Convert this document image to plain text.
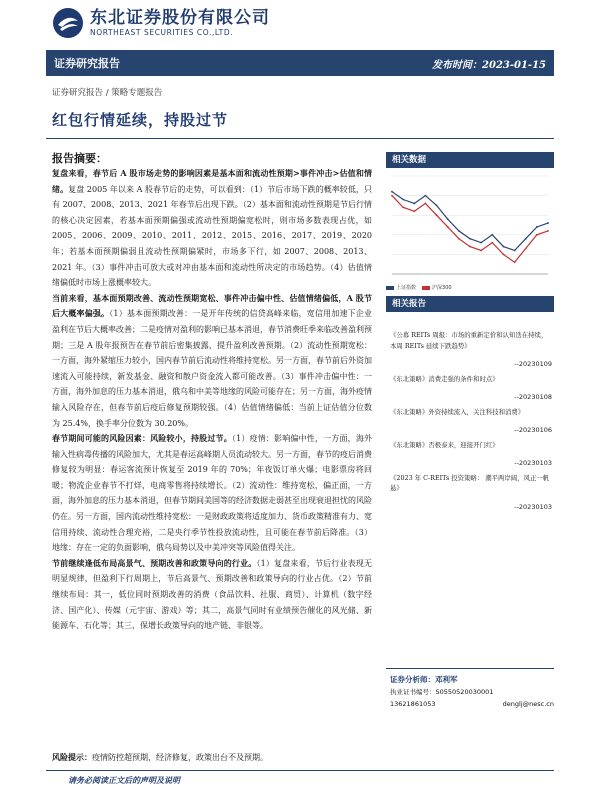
东北证券股份有限公司
NORTHEAST SECURITIES CO.,LTD.
证券研究报告	发布时间：2023-01-15
证券研究报告 / 策略专题报告
红包行情延续，持股过节
报告摘要：

复盘来看，春节后 A 股市场走势的影响因素是基本面和流动性预期>事件冲击>估值和情绪。复盘 2005 年以来 A 股春节后的走势，可以看到：（1）节后市场下跌的概率较低，只有 2007、2008、2013、2021 年春节后出现下跌。（2）基本面和流动性预期是节后行情的核心决定因素，若基本面预期偏强或流动性预期偏宽松时，则市场多数表现占优，如 2005、2006、2009、2010、2011、2012、2015、2016、2017、2019、2020 年；若基本面预期偏弱且流动性预期偏紧时，市场多下行，如 2007、2008、2013、2021 年。（3）事件冲击可放大或对冲由基本面和流动性所决定的市场趋势。（4）估值情绪偏低时市场上涨概率较大。

当前来看，基本面预期改善、流动性预期宽松、事件冲击偏中性、估值情绪偏低，A 股节后大概率偏强。（1）基本面预期改善：一是开年传统的信贷高峰来临，宽信用加速下企业盈利在节后大概率改善；二是疫情对盈利的影响已基本消退，春节消费旺季来临改善盈利预期；三是 A 股年报预告在春节前后密集披露，提升盈利改善预期。（2）流动性预期宽松：一方面，海外紧缩压力较小，国内春节前后流动性将维持宽松。另一方面，春节前后外资加速流入可能持续，新发基金、融资和散户资金流入都可能改善。（3）事件冲击偏中性：一方面，海外加息的压力基本消退，俄乌和中美等地缘的风险可能存在；另一方面，海外疫情输入风险存在，但春节前后疫后修复预期较强。（4）估值情绪偏低：当前上证估值分位数为 25.4%，换手率分位数为 30.20%。

春节期间可能的风险因素：风险较小，持股过节。（1）疫情：影响偏中性，一方面，海外输入性病毒传播的风险加大，尤其是春运高峰期人员流动较大。另一方面，春节的疫后消费修复较为明显：春运客流预计恢复至 2019 年的 70%；年夜饭订单火爆；电影票房将回暖；物流企业春节不打烊，电商零售将持续增长。（2）流动性：维持宽松，偏正面，一方面，海外加息的压力基本消退，但春节期间美国等的经济数据走弱甚至出现衰退担忧的风险仍在。另一方面，国内流动性维持宽松：一是财政政策将适度加力、货币政策精准有力、宽信用持续、流动性合理充裕，二是央行季节性投放流动性，且可能在春节前后降准。（3）地缘：存在一定的负面影响，俄乌局势以及中美冲突等风险值得关注。

节前继续逢低布局高景气、预期改善和政策导向的行业。（1）复盘来看，节后行业表现无明显规律，但盈利下行周期上，节后高景气、预期改善和政策导向的行业占优。（2）节前继续布局：其一，低位同时预期改善的消费（食品饮料、社服、商贸）、计算机（数字经济、国产化）、传媒（元宇宙、游戏）等；其二，高景气同时有业绩预告催化的风光储、新能源车、石化等；其三，保增长政策导向的地产链、非银等。

相关数据
上证指数	沪深300
相关报告
《公募 REITs 周报：市场的重新定价和认知迭在持续，本周 REITs 延续下跌趋势》
--20230109
《东北策略》消费走强的条件和时点》
--20230108
《东北策略》外资持续流入，关注科技和消费》
--20230106
《东北策略》否极泰来，迎接开门红》
--20230103
《2023 年 C-REITs 投资策略： 潮平两岸阔，风正一帆悬》
--20230103
证券分析师：邓利军
执业证书编号：S0550520030001
13621861053	denglj@nesc.cn
风险提示：疫情防控超预期，经济修复，政策出台不及预期。
请务必阅读正文后的声明及说明
